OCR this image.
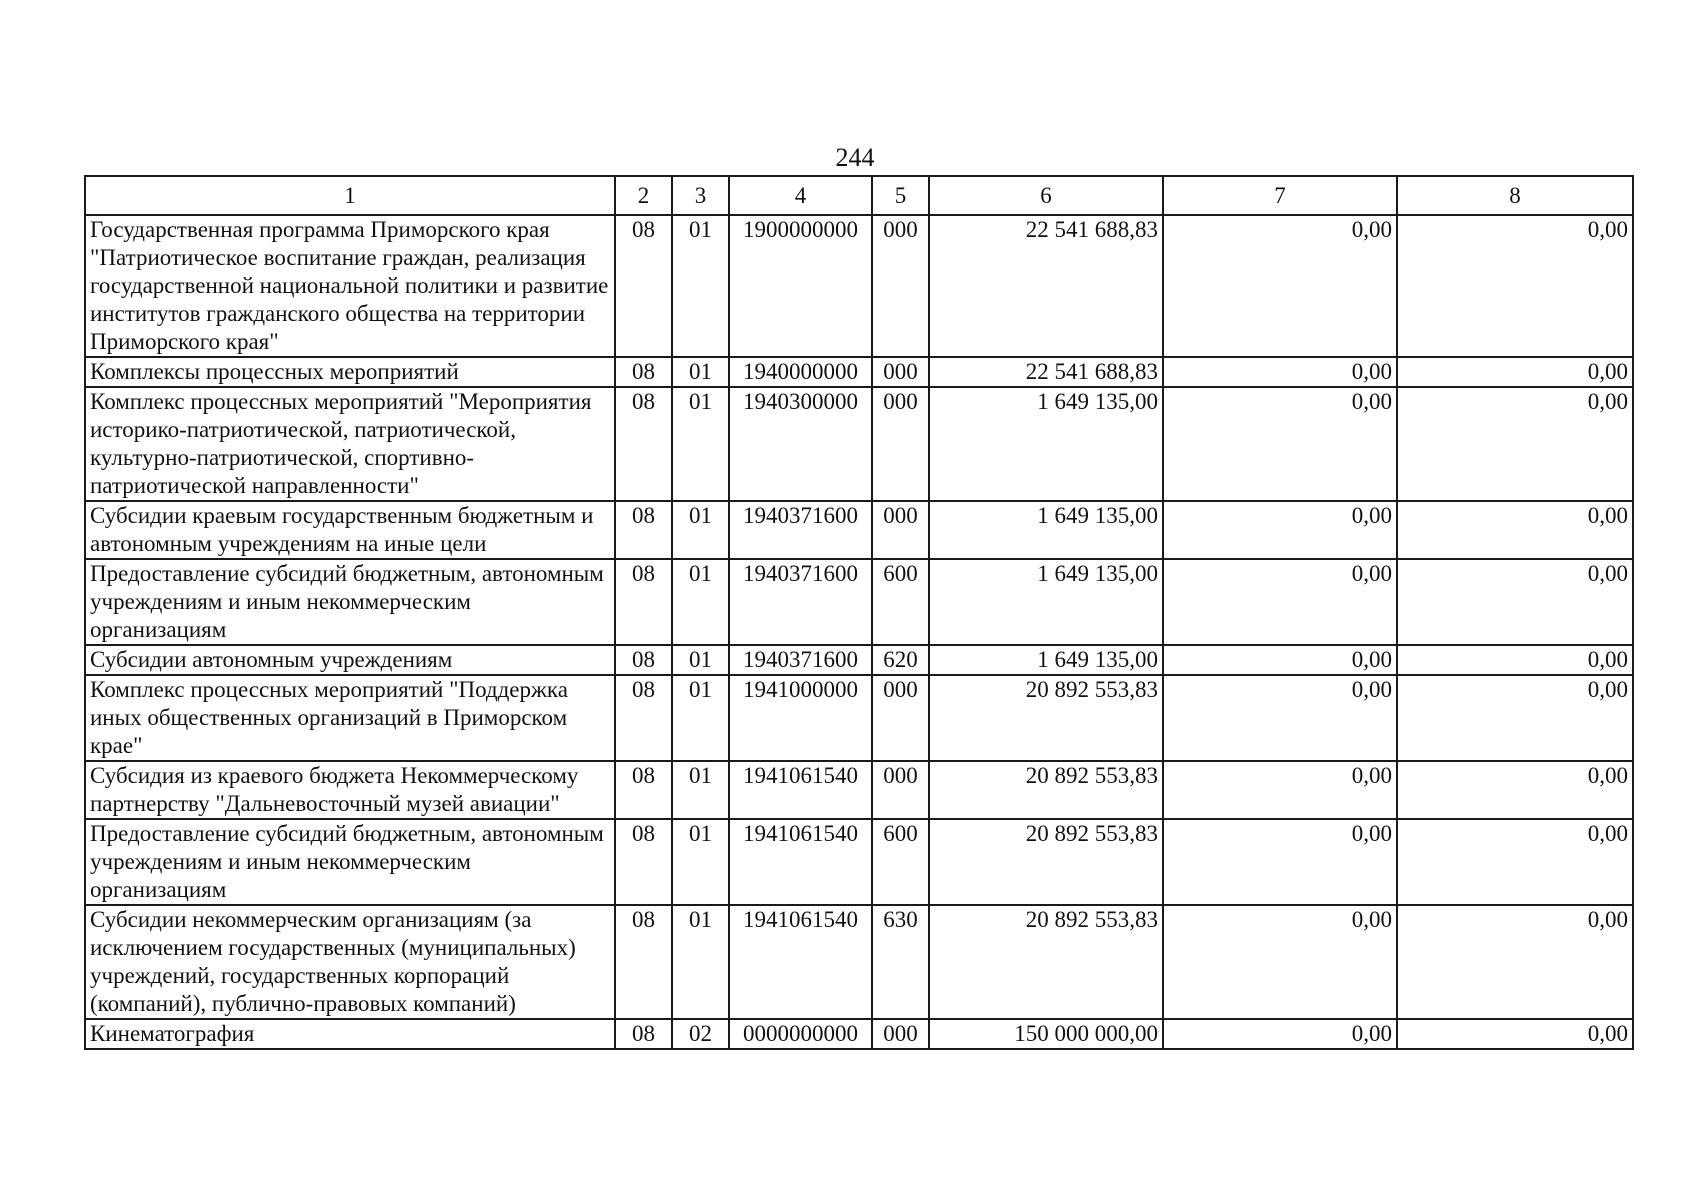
244
1	2	3	4	5	6	7	8
Государственная программа Приморского края "Патриотическое воспитание граждан, реализация государственной национальной политики и развитие институтов гражданского общества на территории Приморского края"	08	01	1900000000	000	22 541 688,83	0,00	0,00
Комплексы процессных мероприятий	08	01	1940000000	000	22 541 688,83	0,00	0,00
Комплекс процессных мероприятий "Мероприятия историко-патриотической, патриотической, культурно-патриотической, спортивно-патриотической направленности"	08	01	1940300000	000	1 649 135,00	0,00	0,00
Субсидии краевым государственным бюджетным и автономным учреждениям на иные цели	08	01	1940371600	000	1 649 135,00	0,00	0,00
Предоставление субсидий бюджетным, автономным учреждениям и иным некоммерческим организациям	08	01	1940371600	600	1 649 135,00	0,00	0,00
Субсидии автономным учреждениям	08	01	1940371600	620	1 649 135,00	0,00	0,00
Комплекс процессных мероприятий "Поддержка иных общественных организаций в Приморском крае"	08	01	1941000000	000	20 892 553,83	0,00	0,00
Субсидия из краевого бюджета Некоммерческому партнерству "Дальневосточный музей авиации"	08	01	1941061540	000	20 892 553,83	0,00	0,00
Предоставление субсидий бюджетным, автономным учреждениям и иным некоммерческим организациям	08	01	1941061540	600	20 892 553,83	0,00	0,00
Субсидии некоммерческим организациям (за исключением государственных (муниципальных) учреждений, государственных корпораций (компаний), публично-правовых компаний)	08	01	1941061540	630	20 892 553,83	0,00	0,00
Кинематография	08	02	0000000000	000	150 000 000,00	0,00	0,00
